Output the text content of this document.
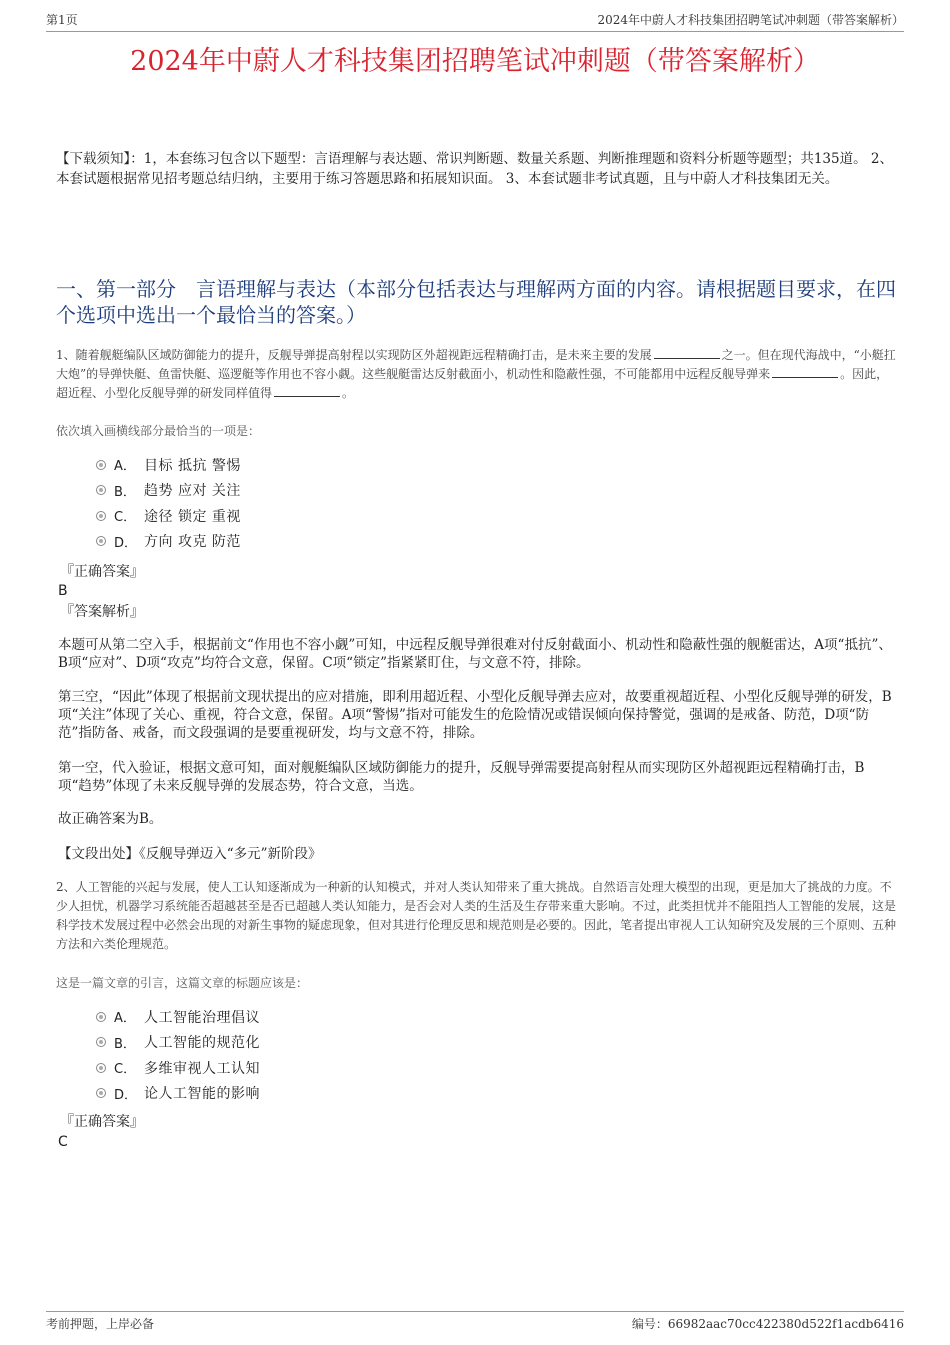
第1页	2024年中蔚人才科技集团招聘笔试冲刺题（带答案解析）
2024年中蔚人才科技集团招聘笔试冲刺题（带答案解析）
【下载须知】：1，本套练习包含以下题型：言语理解与表达题、常识判断题、数量关系题、判断推理题和资料分析题等题型；共135道。 2、本套试题根据常见招考题总结归纳，主要用于练习答题思路和拓展知识面。 3、本套试题非考试真题，且与中蔚人才科技集团无关。
一、第一部分　言语理解与表达（本部分包括表达与理解两方面的内容。请根据题目要求，在四个选项中选出一个最恰当的答案。）
1、随着舰艇编队区域防御能力的提升，反舰导弹提高射程以实现防区外超视距远程精确打击，是未来主要的发展	之一。但在现代海战中，“小艇扛大炮”的导弹快艇、鱼雷快艇、巡逻艇等作用也不容小觑。这些舰艇雷达反射截面小，机动性和隐蔽性强，不可能都用中远程反舰导弹来	。因此，超近程、小型化反舰导弹的研发同样值得	。
依次填入画横线部分最恰当的一项是：
A． 目标 抵抗 警惕
B． 趋势 应对 关注
C． 途径 锁定 重视
D． 方向 攻克 防范
『正确答案』
B
『答案解析』
本题可从第二空入手，根据前文“作用也不容小觑”可知，中远程反舰导弹很难对付反射截面小、机动性和隐蔽性强的舰艇雷达，A项“抵抗”、B项“应对”、D项“攻克”均符合文意，保留。C项“锁定”指紧紧盯住，与文意不符，排除。
第三空，“因此”体现了根据前文现状提出的应对措施，即利用超近程、小型化反舰导弹去应对，故要重视超近程、小型化反舰导弹的研发，B项“关注”体现了关心、重视，符合文意，保留。A项“警惕”指对可能发生的危险情况或错误倾向保持警觉，强调的是戒备、防范，D项“防范”指防备、戒备，而文段强调的是要重视研发，均与文意不符，排除。
第一空，代入验证，根据文意可知，面对舰艇编队区域防御能力的提升，反舰导弹需要提高射程从而实现防区外超视距远程精确打击，B项“趋势”体现了未来反舰导弹的发展态势，符合文意，当选。
故正确答案为B。
【文段出处】《反舰导弹迈入“多元”新阶段》
2、人工智能的兴起与发展，使人工认知逐渐成为一种新的认知模式，并对人类认知带来了重大挑战。自然语言处理大模型的出现，更是加大了挑战的力度。不少人担忧，机器学习系统能否超越甚至是否已超越人类认知能力，是否会对人类的生活及生存带来重大影响。不过，此类担忧并不能阻挡人工智能的发展，这是科学技术发展过程中必然会出现的对新生事物的疑虑现象，但对其进行伦理反思和规范则是必要的。因此，笔者提出审视人工认知研究及发展的三个原则、五种方法和六类伦理规范。
这是一篇文章的引言，这篇文章的标题应该是：
A． 人工智能治理倡议
B． 人工智能的规范化
C． 多维审视人工认知
D． 论人工智能的影响
『正确答案』
C
考前押题，上岸必备	编号：66982aac70cc422380d522f1acdb6416
